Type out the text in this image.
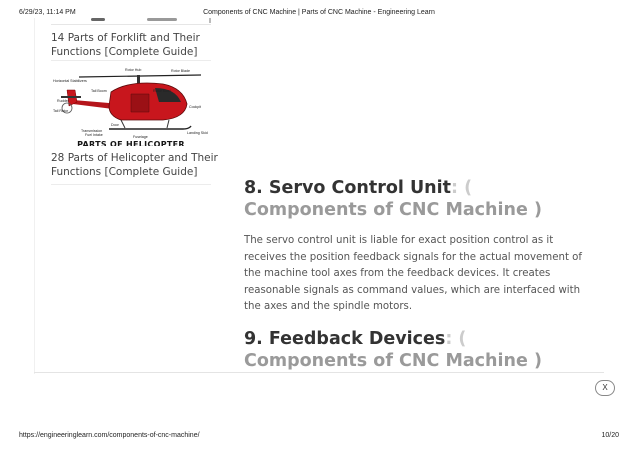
6/29/23, 11:14 PM	Components of CNC Machine | Parts of CNC Machine - Engineering Learn
14 Parts of Forklift and Their Functions [Complete Guide]
Rotor Blade
Rotor Hub
Rotor Mast
Horizontal Stabilizers
Tail Boom
Rudder
Tail Rotor
Cockpit
Door
Transmission
Fuel Intake	Landing Skid
Fuselage
PARTS OF HELICOPTER
28 Parts of Helicopter and Their Functions [Complete Guide]
8. Servo Control Unit: (
Components of CNC Machine )

The servo control unit is liable for exact position control as it receives the position feedback signals for the actual movement of the machine tool axes from the feedback devices. It creates reasonable signals as command values, which are interfaced with the axes and the spindle motors.

9. Feedback Devices: (
Components of CNC Machine )
X
https://engineeringlearn.com/components-of-cnc-machine/	10/20
